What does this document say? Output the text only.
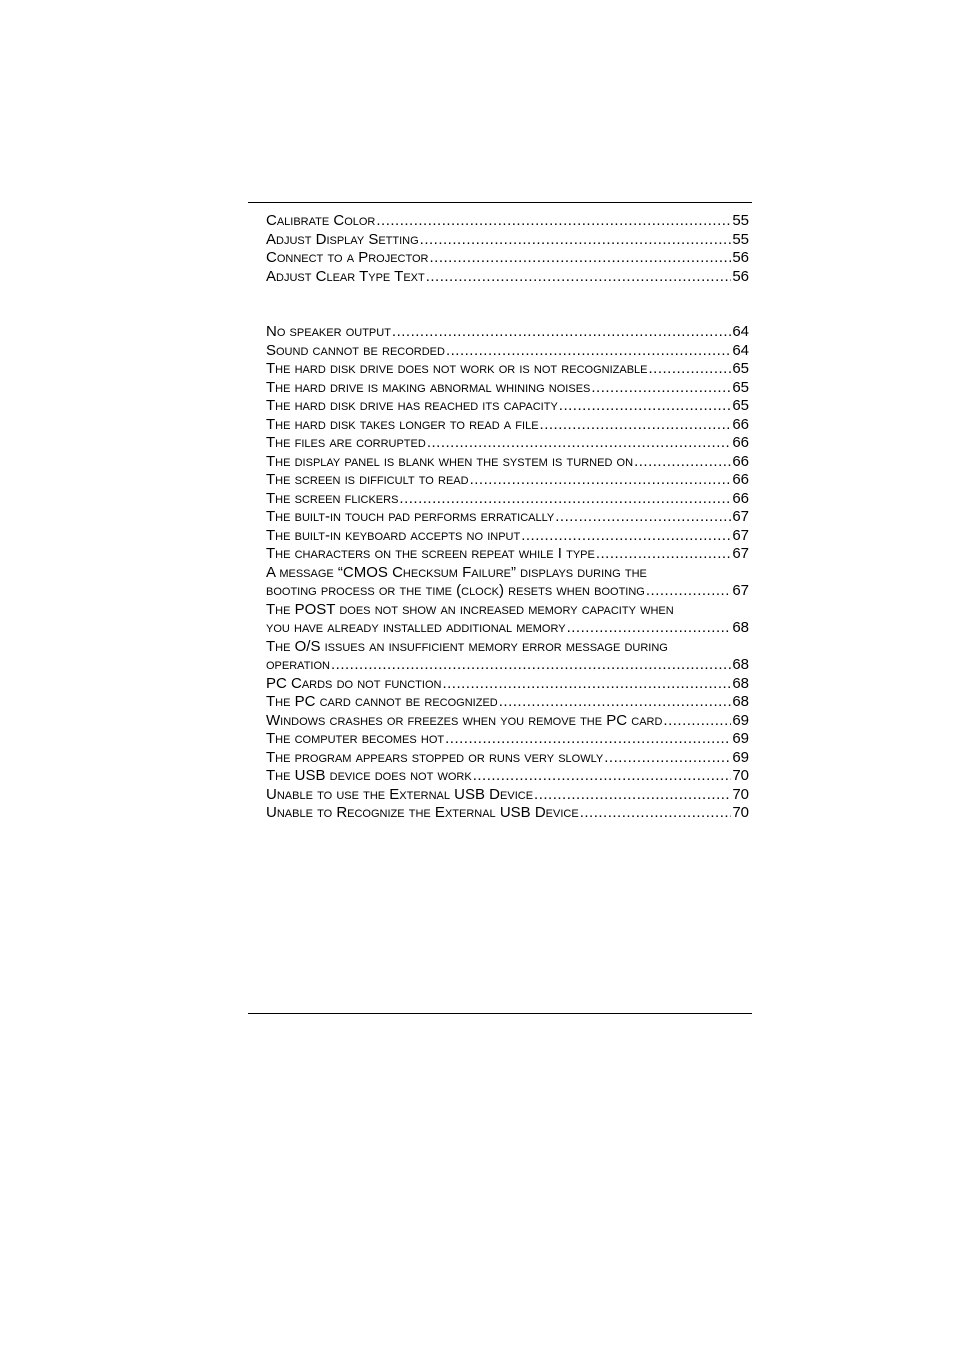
Calibrate Color .....	55
Adjust Display Setting .....	55
Connect to a Projector .....	56
Adjust Clear Type Text .....	56
No speaker output .....	64
Sound cannot be recorded .....	64
The hard disk drive does not work or is not recognizable .....	65
The hard drive is making abnormal whining noises .....	65
The hard disk drive has reached its capacity .....	65
The hard disk takes longer to read a file .....	66
The files are corrupted .....	66
The display panel is blank when the system is turned on .....	66
The screen is difficult to read .....	66
The screen flickers .....	66
The built-in touch pad performs erratically .....	67
The built-in keyboard accepts no input .....	67
The characters on the screen repeat while I type .....	67
A message “CMOS Checksum Failure” displays during the
booting process or the time (clock) resets when booting .....	67
The POST does not show an increased memory capacity when
you have already installed additional memory .....	68
The O/S issues an insufficient memory error message during
operation .....	68
PC Cards do not function .....	68
The PC card cannot be recognized .....	68
Windows crashes or freezes when you remove the PC card .....	69
The computer becomes hot .....	69
The program appears stopped or runs very slowly .....	69
The USB device does not work .....	70
Unable to use the External USB Device .....	70
Unable to Recognize the External USB Device .....	70
